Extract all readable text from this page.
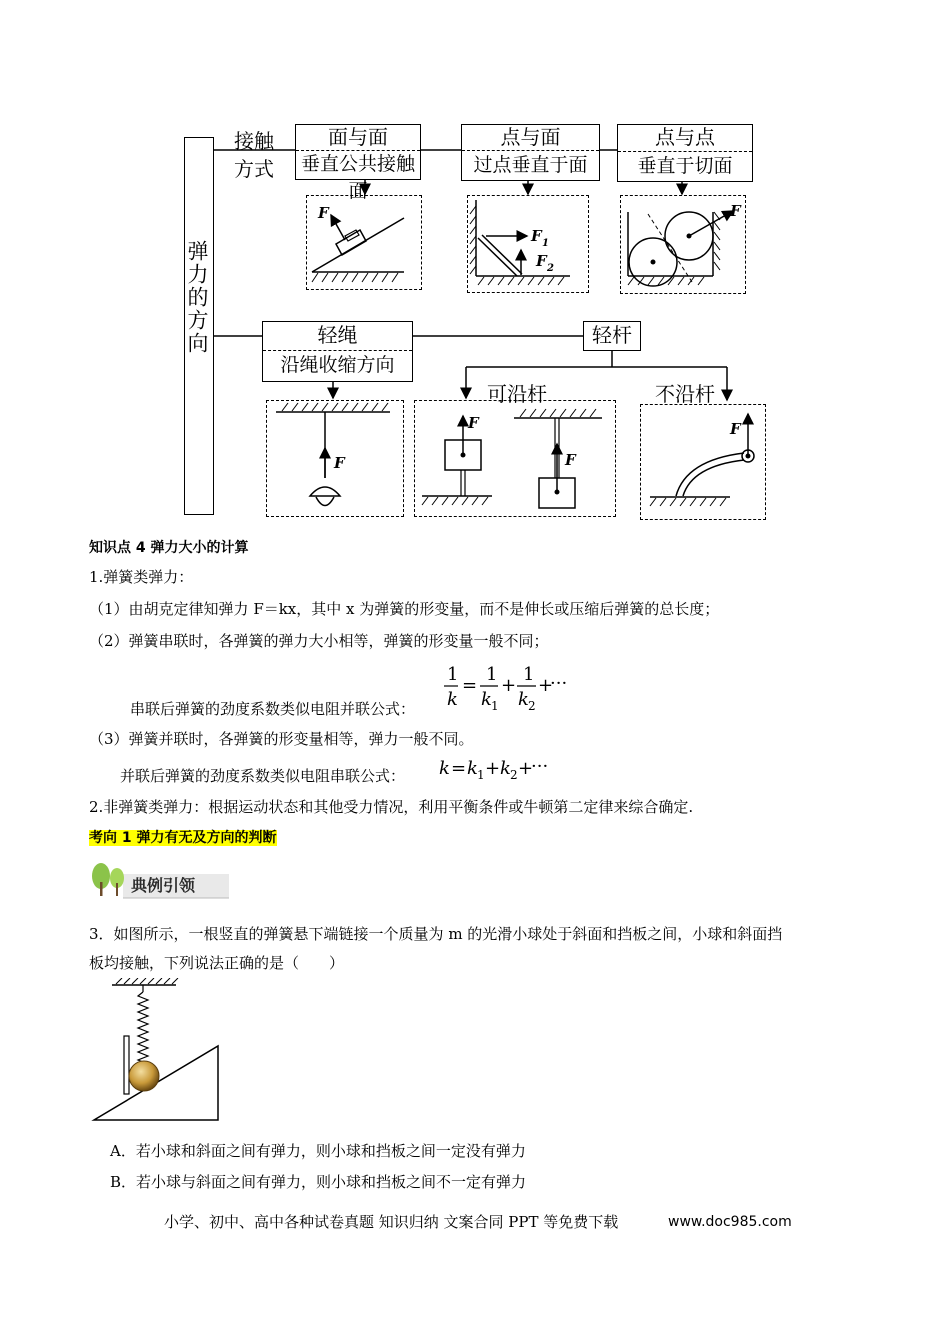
弹力的方向
接触
方式
面与面
垂直公共接触面
点与面
过点垂直于面
点与点
垂直于切面
轻绳
沿绳收缩方向
轻杆
可沿杆	不沿杆
F
F 1
F 2
F
F
F
F
F
知识点 4 弹力大小的计算
1.弹簧类弹力：
（1）由胡克定律知弹力 F＝kx，其中 x 为弹簧的形变量，而不是伸长或压缩后弹簧的总长度；
（2）弹簧串联时，各弹簧的弹力大小相等，弹簧的形变量一般不同；
串联后弹簧的劲度系数类似电阻并联公式：
1
k
=
1
k 1
+
1
k 2
+
···
（3）弹簧并联时，各弹簧的形变量相等，弹力一般不同。
并联后弹簧的劲度系数类似电阻串联公式： k = k 1 + k 2 +
···
2.非弹簧类弹力：根据运动状态和其他受力情况，利用平衡条件或牛顿第二定律来综合确定.
考向 1 弹力有无及方向的判断
典例引领
3．如图所示，一根竖直的弹簧悬下端链接一个质量为 m 的光滑小球处于斜面和挡板之间，小球和斜面挡
板均接触，下列说法正确的是（　　）
A．若小球和斜面之间有弹力，则小球和挡板之间一定没有弹力
B．若小球与斜面之间有弹力，则小球和挡板之间不一定有弹力
小学、初中、高中各种试卷真题 知识归纳 文案合同 PPT 等免费下载	www.doc985.com
